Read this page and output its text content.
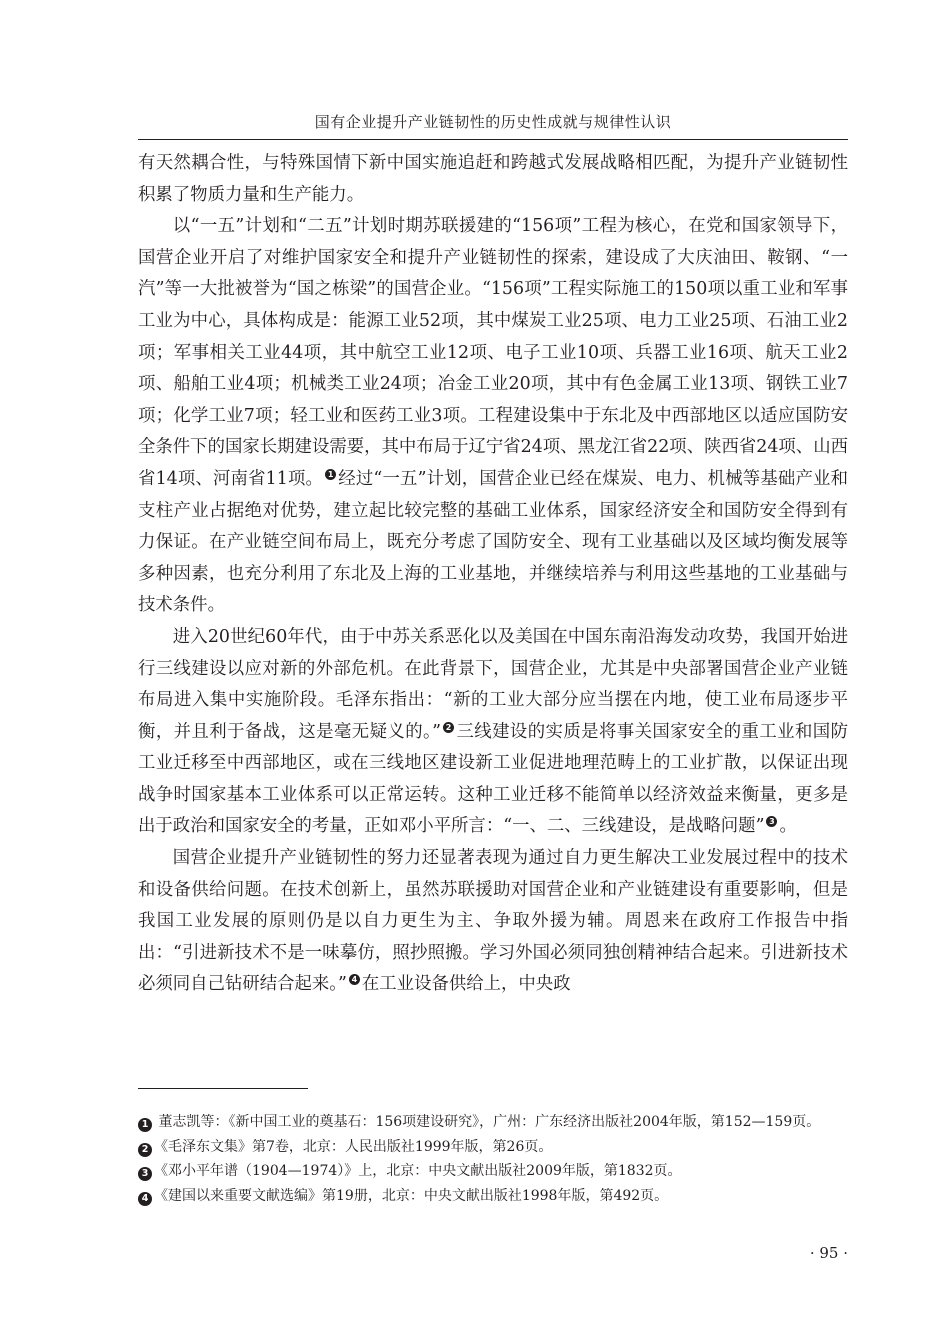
国有企业提升产业链韧性的历史性成就与规律性认识

有天然耦合性，与特殊国情下新中国实施追赶和跨越式发展战略相匹配，为提升产业链韧性积累了物质力量和生产能力。

以“一五”计划和“二五”计划时期苏联援建的“156项”工程为核心，在党和国家领导下，国营企业开启了对维护国家安全和提升产业链韧性的探索，建设成了大庆油田、鞍钢、“一汽”等一大批被誉为“国之栋梁”的国营企业。“156项”工程实际施工的150项以重工业和军事工业为中心，具体构成是：能源工业52项，其中煤炭工业25项、电力工业25项、石油工业2项；军事相关工业44项，其中航空工业12项、电子工业10项、兵器工业16项、航天工业2项、船舶工业4项；机械类工业24项；冶金工业20项，其中有色金属工业13项、钢铁工业7项；化学工业7项；轻工业和医药工业3项。工程建设集中于东北及中西部地区以适应国防安全条件下的国家长期建设需要，其中布局于辽宁省24项、黑龙江省22项、陕西省24项、山西省14项、河南省11项。 1 经过“一五”计划，国营企业已经在煤炭、电力、机械等基础产业和支柱产业占据绝对优势，建立起比较完整的基础工业体系，国家经济安全和国防安全得到有力保证。在产业链空间布局上，既充分考虑了国防安全、现有工业基础以及区域均衡发展等多种因素，也充分利用了东北及上海的工业基地，并继续培养与利用这些基地的工业基础与技术条件。

进入20世纪60年代，由于中苏关系恶化以及美国在中国东南沿海发动攻势，我国开始进行三线建设以应对新的外部危机。在此背景下，国营企业，尤其是中央部署国营企业产业链布局进入集中实施阶段。毛泽东指出：“新的工业大部分应当摆在内地，使工业布局逐步平衡，并且利于备战，这是毫无疑义的。” 2 三线建设的实质是将事关国家安全的重工业和国防工业迁移至中西部地区，或在三线地区建设新工业促进地理范畴上的工业扩散，以保证出现战争时国家基本工业体系可以正常运转。这种工业迁移不能简单以经济效益来衡量，更多是出于政治和国家安全的考量，正如邓小平所言：“一、二、三线建设，是战略问题” 3 。

国营企业提升产业链韧性的努力还显著表现为通过自力更生解决工业发展过程中的技术和设备供给问题。在技术创新上，虽然苏联援助对国营企业和产业链建设有重要影响，但是我国工业发展的原则仍是以自力更生为主、争取外援为辅。周恩来在政府工作报告中指出：“引进新技术不是一味摹仿，照抄照搬。学习外国必须同独创精神结合起来。引进新技术必须同自己钻研结合起来。” 4 在工业设备供给上，中央政

1 董志凯等：《新中国工业的奠基石：156项建设研究》，广州：广东经济出版社2004年版，第152—159页。
2 《毛泽东文集》第7卷，北京：人民出版社1999年版，第26页。
3 《邓小平年谱（1904—1974）》上，北京：中央文献出版社2009年版，第1832页。
4 《建国以来重要文献选编》第19册，北京：中央文献出版社1998年版，第492页。
· 95 ·
